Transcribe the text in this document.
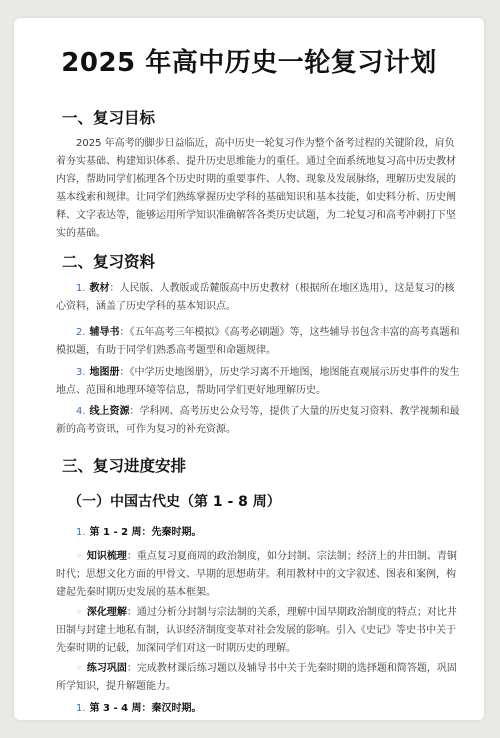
2025 年高中历史一轮复习计划
一、复习目标
2025 年高考的脚步日益临近，高中历史一轮复习作为整个备考过程的关键阶段，肩负着夯实基础、构建知识体系、提升历史思维能力的重任。通过全面系统地复习高中历史教材内容，帮助同学们梳理各个历史时期的重要事件、人物、现象及发展脉络，理解历史发展的基本线索和规律。让同学们熟练掌握历史学科的基础知识和基本技能，如史料分析、历史阐释、文字表达等，能够运用所学知识准确解答各类历史试题，为二轮复习和高考冲刺打下坚实的基础。
二、复习资料
1. 教材：人民版、人教版或岳麓版高中历史教材（根据所在地区选用），这是复习的核心资料，涵盖了历史学科的基本知识点。
2. 辅导书：《五年高考三年模拟》《高考必刷题》等，这些辅导书包含丰富的高考真题和模拟题，有助于同学们熟悉高考题型和命题规律。
3. 地图册：《中学历史地图册》，历史学习离不开地图，地图能直观展示历史事件的发生地点、范围和地理环境等信息，帮助同学们更好地理解历史。
4. 线上资源：学科网、高考历史公众号等，提供了大量的历史复习资料、教学视频和最新的高考资讯，可作为复习的补充资源。
三、复习进度安排
（一）中国古代史（第 1 - 8 周）
1. 第 1 - 2 周：先秦时期。
◦ 知识梳理：重点复习夏商周的政治制度，如分封制、宗法制；经济上的井田制、青铜时代；思想文化方面的甲骨文、早期的思想萌芽。利用教材中的文字叙述、图表和案例，构建起先秦时期历史发展的基本框架。
◦ 深化理解：通过分析分封制与宗法制的关系，理解中国早期政治制度的特点；对比井田制与封建土地私有制，认识经济制度变革对社会发展的影响。引入《史记》等史书中关于先秦时期的记载，加深同学们对这一时期历史的理解。
◦ 练习巩固：完成教材课后练习题以及辅导书中关于先秦时期的选择题和简答题，巩固所学知识，提升解题能力。
1. 第 3 - 4 周：秦汉时期。
